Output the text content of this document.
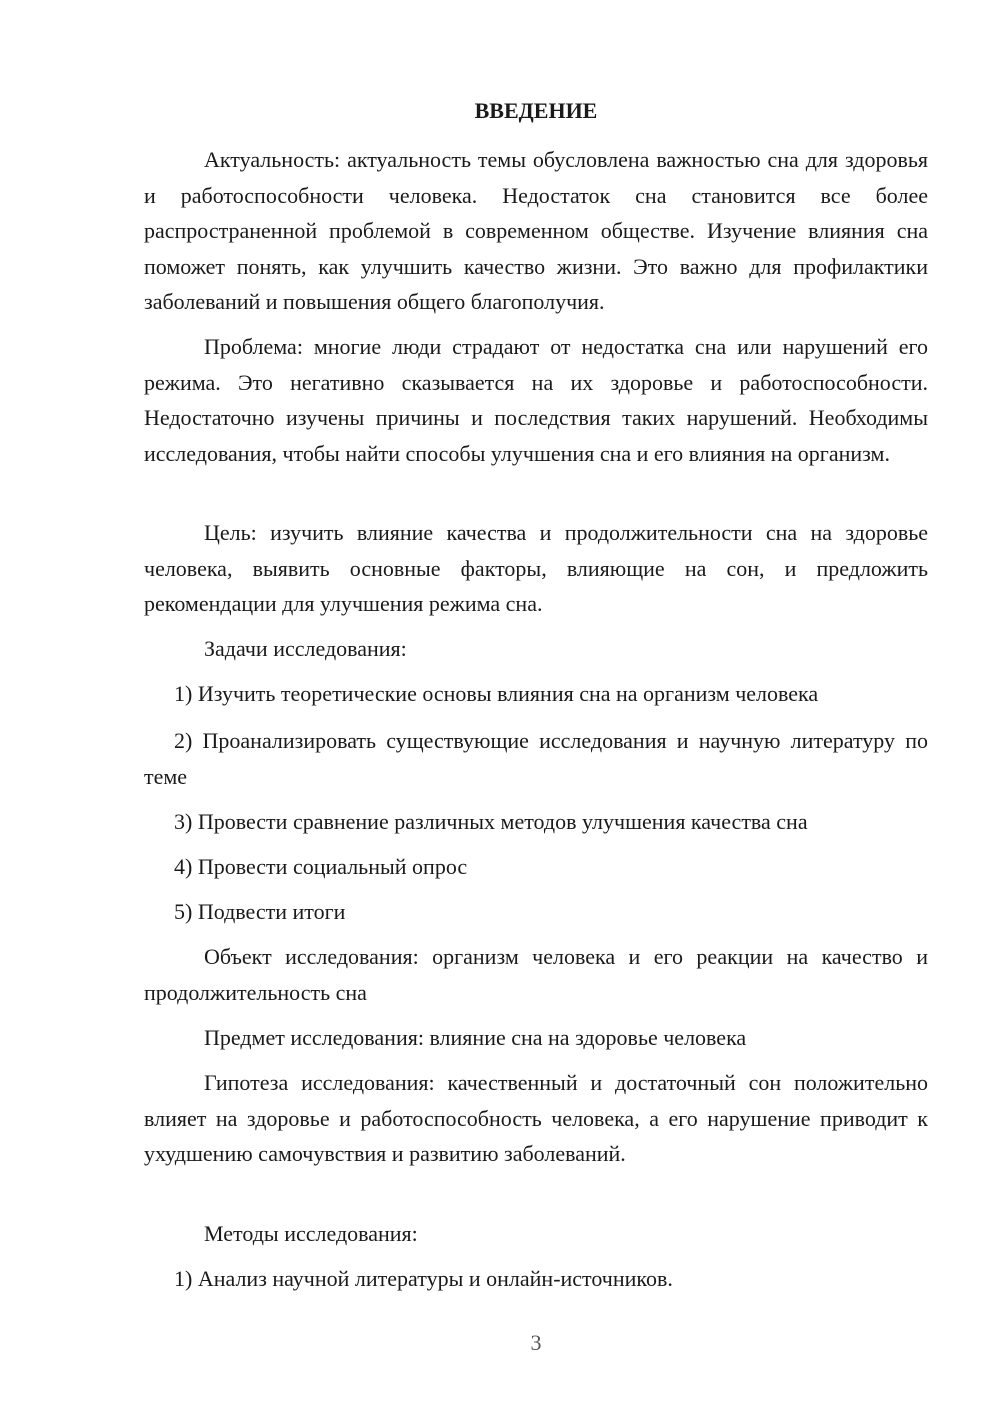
ВВЕДЕНИЕ

Актуальность: актуальность темы обусловлена важностью сна для здоровья и работоспособности человека. Недостаток сна становится все более распространенной проблемой в современном обществе. Изучение влияния сна поможет понять, как улучшить качество жизни. Это важно для профилактики заболеваний и повышения общего благополучия.

Проблема: многие люди страдают от недостатка сна или нарушений его режима. Это негативно сказывается на их здоровье и работоспособности. Недостаточно изучены причины и последствия таких нарушений. Необходимы исследования, чтобы найти способы улучшения сна и его влияния на организм.

Цель: изучить влияние качества и продолжительности сна на здоровье человека, выявить основные факторы, влияющие на сон, и предложить рекомендации для улучшения режима сна.

Задачи исследования:

1) Изучить теоретические основы влияния сна на организм человека

2) Проанализировать существующие исследования и научную литературу по теме

3) Провести сравнение различных методов улучшения качества сна

4) Провести социальный опрос

5) Подвести итоги

Объект исследования: организм человека и его реакции на качество и продолжительность сна

Предмет исследования: влияние сна на здоровье человека

Гипотеза исследования: качественный и достаточный сон положительно влияет на здоровье и работоспособность человека, а его нарушение приводит к ухудшению самочувствия и развитию заболеваний.

Методы исследования:

1) Анализ научной литературы и онлайн-источников.

3
